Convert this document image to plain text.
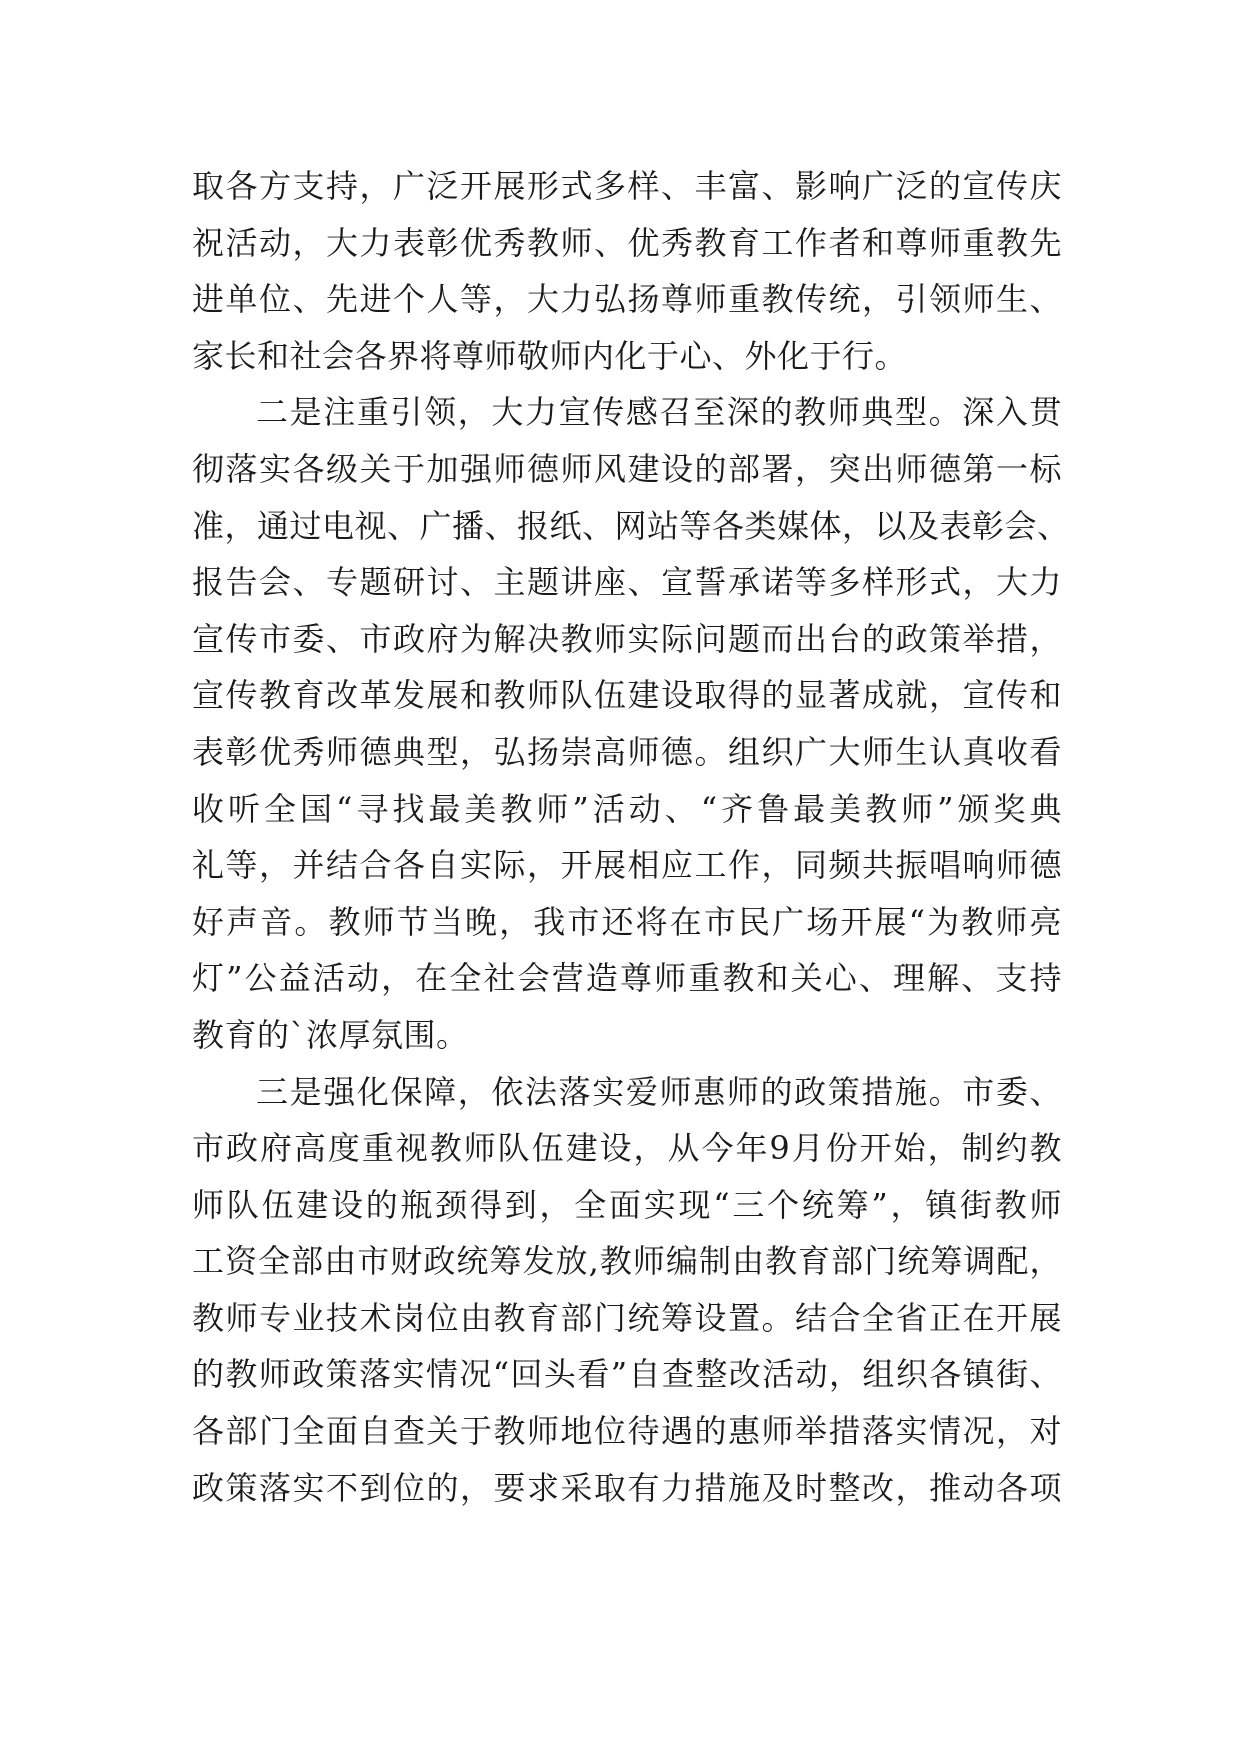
取各方支持，广泛开展形式多样、丰富、影响广泛的宣传庆
祝活动，大力表彰优秀教师、优秀教育工作者和尊师重教先
进单位、先进个人等，大力弘扬尊师重教传统，引领师生、
家长和社会各界将尊师敬师内化于心、外化于行。
二是注重引领，大力宣传感召至深的教师典型。深入贯
彻落实各级关于加强师德师风建设的部署，突出师德第一标
准，通过电视、广播、报纸、网站等各类媒体，以及表彰会、
报告会、专题研讨、主题讲座、宣誓承诺等多样形式，大力
宣传市委、市政府为解决教师实际问题而出台的政策举措，
宣传教育改革发展和教师队伍建设取得的显著成就，宣传和
表彰优秀师德典型，弘扬崇高师德。组织广大师生认真收看
收听全国“寻找最美教师”活动、“齐鲁最美教师”颁奖典
礼等，并结合各自实际，开展相应工作，同频共振唱响师德
好声音。教师节当晚，我市还将在市民广场开展“为教师亮
灯”公益活动，在全社会营造尊师重教和关心、理解、支持
教育的`浓厚氛围。
三是强化保障，依法落实爱师惠师的政策措施。市委、
市政府高度重视教师队伍建设，从今年9月份开始，制约教
师队伍建设的瓶颈得到，全面实现“三个统筹”，镇街教师
工资全部由市财政统筹发放,教师编制由教育部门统筹调配，
教师专业技术岗位由教育部门统筹设置。结合全省正在开展
的教师政策落实情况“回头看”自查整改活动，组织各镇街、
各部门全面自查关于教师地位待遇的惠师举措落实情况，对
政策落实不到位的，要求采取有力措施及时整改，推动各项
